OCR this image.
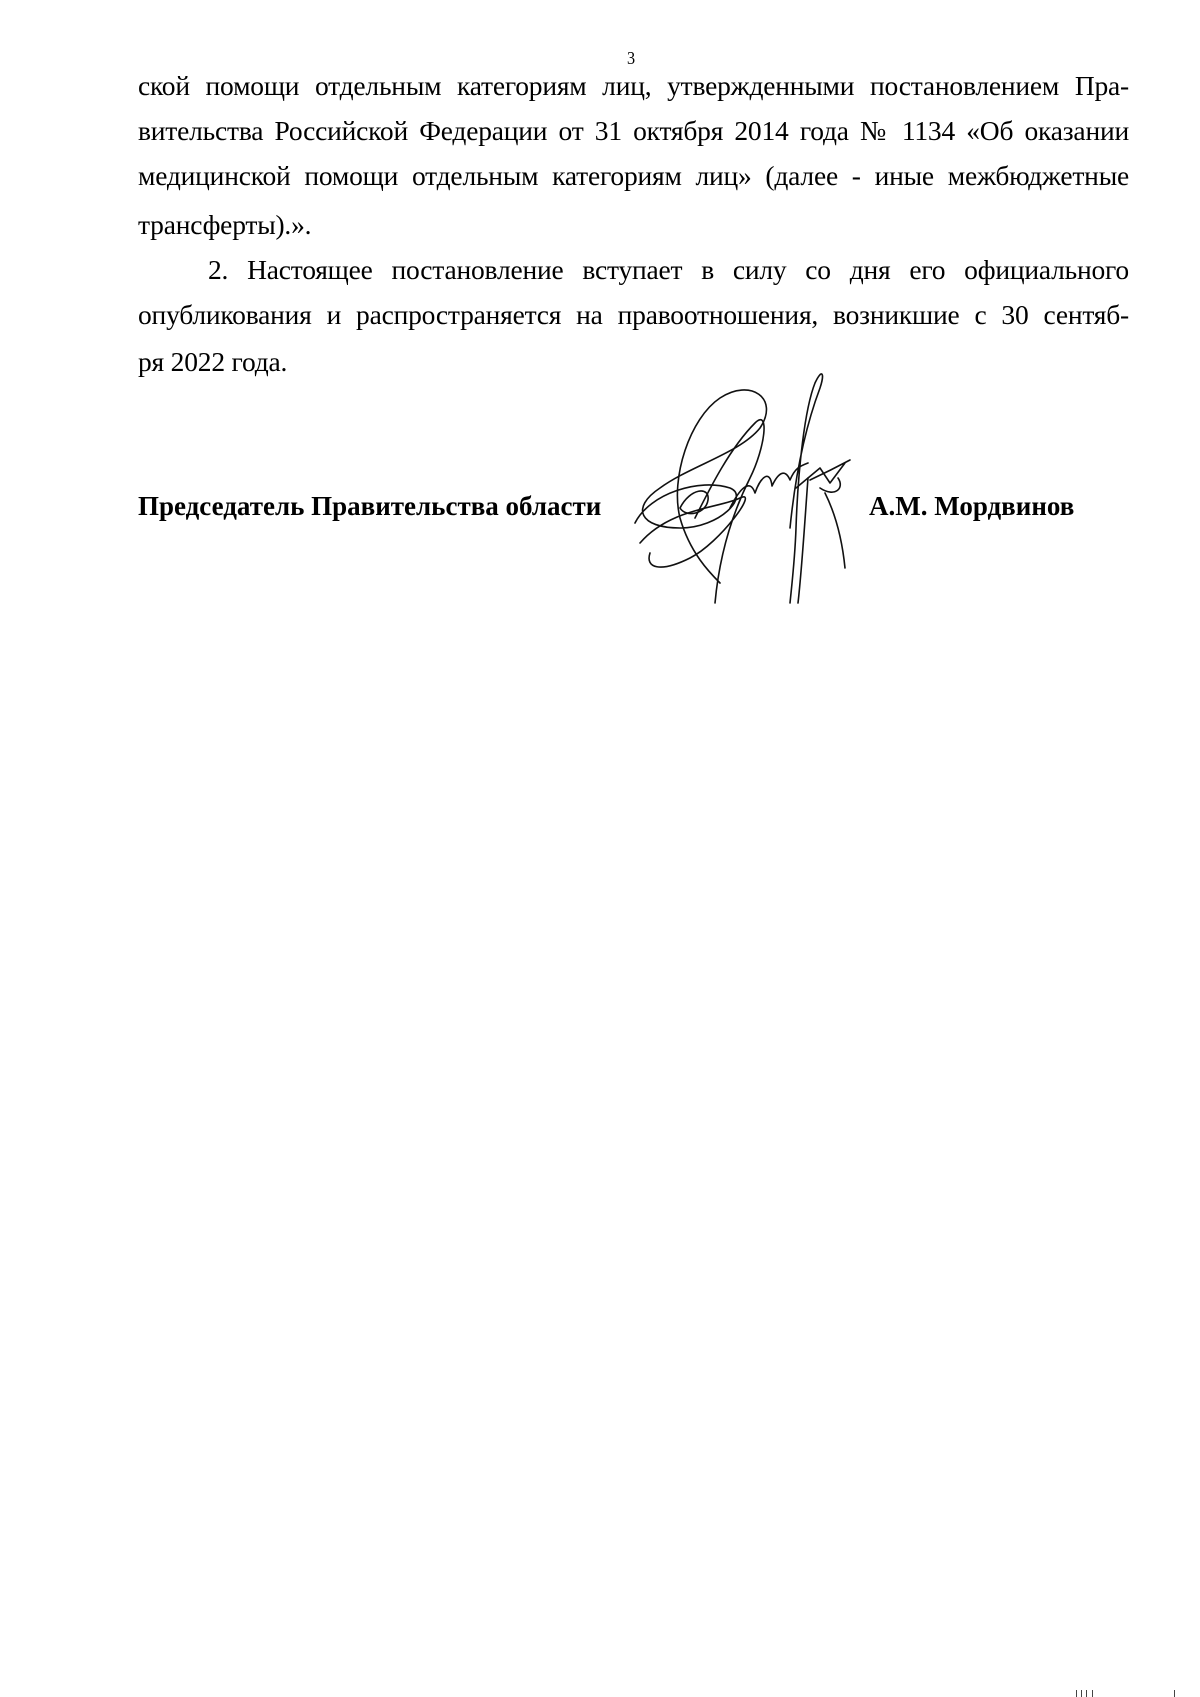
3
ской помощи отдельным категориям лиц, утвержденными постановлением Пра-
вительства Российской Федерации от 31 октября 2014 года № 1134 «Об оказании
медицинской помощи отдельным категориям лиц» (далее - иные межбюджетные
трансферты).».
2. Настоящее постановление вступает в силу со дня его официального
опубликования и распространяется на правоотношения, возникшие с 30 сентяб-
ря 2022 года.
Председатель Правительства области	А.М. Мордвинов
